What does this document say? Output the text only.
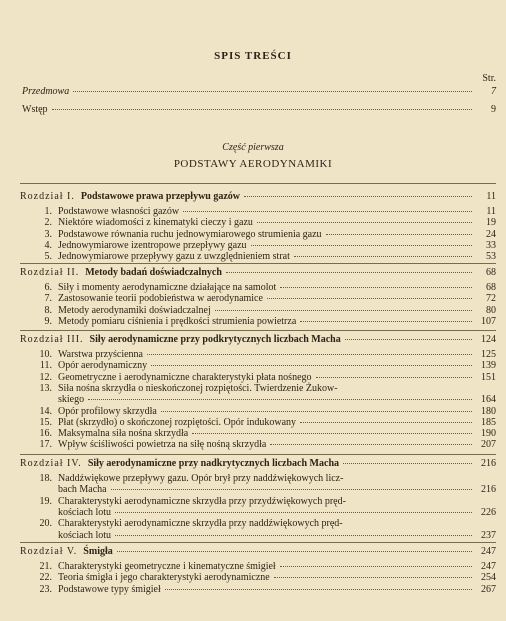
SPIS TREŚCI
Str.
Przedmowa	7
Wstęp	9
Część pierwsza
PODSTAWY AERODYNAMIKI
Rozdział I. Podstawowe prawa przepływu gazów	11
1. Podstawowe własności gazów	11
2. Niektóre wiadomości z kinematyki cieczy i gazu	19
3. Podstawowe równania ruchu jednowymiarowego strumienia gazu	24
4. Jednowymiarowe izentropowe przepływy gazu	33
5. Jednowymiarowe przepływy gazu z uwzględnieniem strat	53
Rozdział II. Metody badań doświadczalnych	68
6. Siły i momenty aerodynamiczne działające na samolot	68
7. Zastosowanie teorii podobieństwa w aerodynamice	72
8. Metody aerodynamiki doświadczalnej	80
9. Metody pomiaru ciśnienia i prędkości strumienia powietrza	107
Rozdział III. Siły aerodynamiczne przy podkrytycznych liczbach Macha	124
10. Warstwa przyścienna	125
11. Opór aerodynamiczny	139
12. Geometryczne i aerodynamiczne charakterystyki płata nośnego	151
13. Siła nośna skrzydła o nieskończonej rozpiętości. Twierdzenie Żukow-
skiego	164
14. Opór profilowy skrzydła	180
15. Płat (skrzydło) o skończonej rozpiętości. Opór indukowany	185
16. Maksymalna siła nośna skrzydła	190
17. Wpływ ściśliwości powietrza na siłę nośną skrzydła	207
Rozdział IV. Siły aerodynamiczne przy nadkrytycznych liczbach Macha	216
18. Naddźwiękowe przepływy gazu. Opór brył przy naddźwiękowych licz-
bach Macha	216
19. Charakterystyki aerodynamiczne skrzydła przy przydźwiękowych pręd-
kościach lotu	226
20. Charakterystyki aerodynamiczne skrzydła przy naddźwiękowych pręd-
kościach lotu	237
Rozdział V. Śmigła	247
21. Charakterystyki geometryczne i kinematyczne śmigieł	247
22. Teoria śmigła i jego charakterystyki aerodynamiczne	254
23. Podstawowe typy śmigieł	267
